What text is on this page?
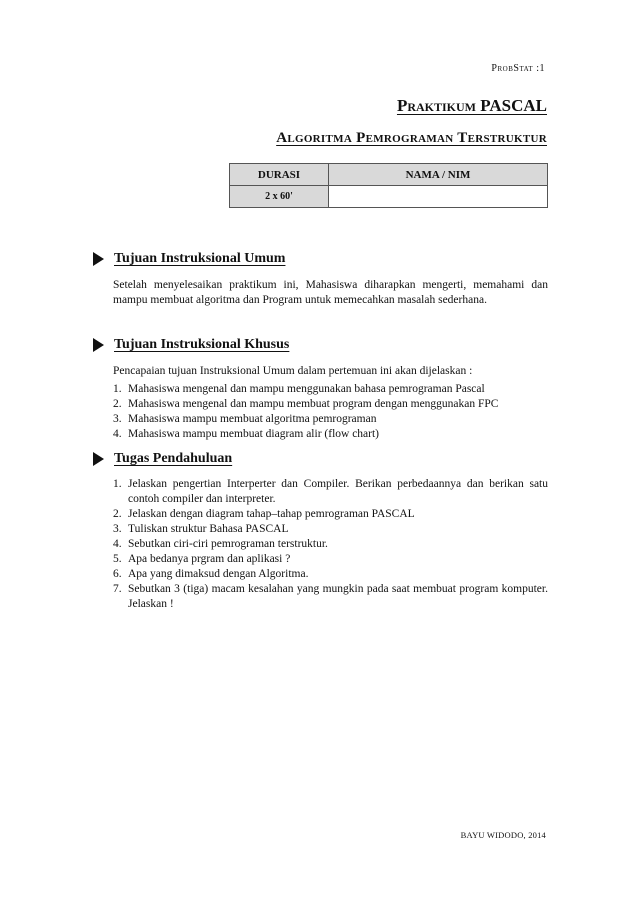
ProbStat :1

Praktikum PASCAL

Algoritma Pemrograman Terstruktur

DURASI	NAMA / NIM
2 x 60'	
Tujuan Instruksional Umum

Setelah menyelesaikan praktikum ini, Mahasiswa diharapkan mengerti, memahami dan mampu membuat algoritma dan Program untuk memecahkan masalah sederhana.

Tujuan Instruksional Khusus

Pencapaian tujuan Instruksional Umum dalam pertemuan ini akan dijelaskan :

1. Mahasiswa mengenal dan mampu menggunakan bahasa pemrograman Pascal
2. Mahasiswa mengenal dan mampu membuat program dengan menggunakan FPC
3. Mahasiswa mampu membuat algoritma pemrograman
4. Mahasiswa mampu membuat diagram alir (flow chart)
Tugas Pendahuluan
1. Jelaskan pengertian Interperter dan Compiler. Berikan perbedaannya dan berikan satu contoh compiler dan interpreter.
2. Jelaskan dengan diagram tahap–tahap pemrograman PASCAL
3. Tuliskan struktur Bahasa PASCAL
4. Sebutkan ciri-ciri pemrograman terstruktur.
5. Apa bedanya prgram dan aplikasi ?
6. Apa yang dimaksud dengan Algoritma.
7. Sebutkan 3 (tiga) macam kesalahan yang mungkin pada saat membuat program komputer. Jelaskan !
BAYU WIDODO, 2014
